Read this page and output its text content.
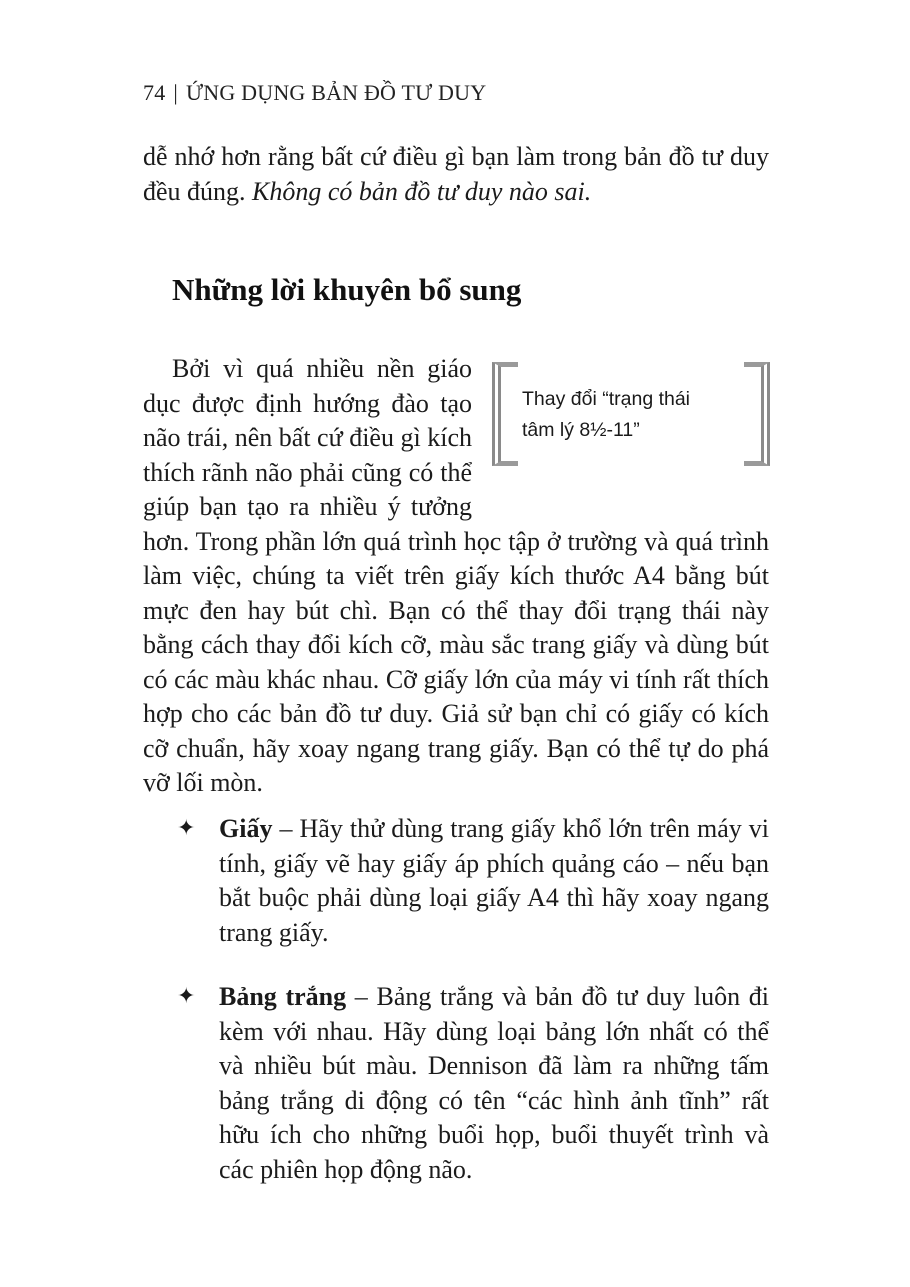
74 | ỨNG DỤNG BẢN ĐỒ TƯ DUY

dễ nhớ hơn rằng bất cứ điều gì bạn làm trong bản đồ tư duy đều đúng. Không có bản đồ tư duy nào sai.

Những lời khuyên bổ sung
Thay đổi “trạng thái
tâm lý 8½-11”

Bởi vì quá nhiều nền giáo dục được định hướng đào tạo não trái, nên bất cứ điều gì kích thích rãnh não phải cũng có thể giúp bạn tạo ra nhiều ý tưởng hơn. Trong phần lớn quá trình học tập ở trường và quá trình làm việc, chúng ta viết trên giấy kích thước A4 bằng bút mực đen hay bút chì. Bạn có thể thay đổi trạng thái này bằng cách thay đổi kích cỡ, màu sắc trang giấy và dùng bút có các màu khác nhau. Cỡ giấy lớn của máy vi tính rất thích hợp cho các bản đồ tư duy. Giả sử bạn chỉ có giấy có kích cỡ chuẩn, hãy xoay ngang trang giấy. Bạn có thể tự do phá vỡ lối mòn.

✦ Giấy – Hãy thử dùng trang giấy khổ lớn trên máy vi tính, giấy vẽ hay giấy áp phích quảng cáo – nếu bạn bắt buộc phải dùng loại giấy A4 thì hãy xoay ngang trang giấy.
✦ Bảng trắng – Bảng trắng và bản đồ tư duy luôn đi kèm với nhau. Hãy dùng loại bảng lớn nhất có thể và nhiều bút màu. Dennison đã làm ra những tấm bảng trắng di động có tên “các hình ảnh tĩnh” rất hữu ích cho những buổi họp, buổi thuyết trình và các phiên họp động não.
